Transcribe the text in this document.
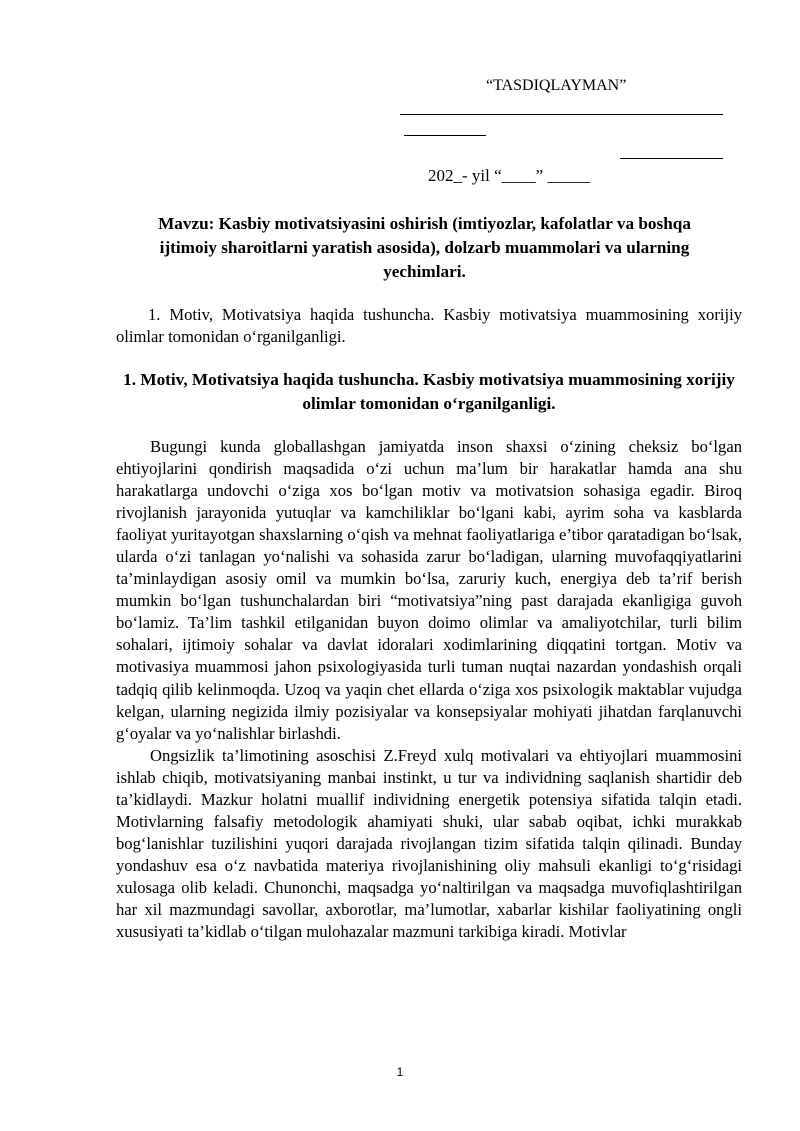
“TASDIQLAYMAN”
202_- yil “____” _____
Mavzu: Kasbiy motivatsiyasini oshirish (imtiyozlar, kafolatlar va boshqa ijtimoiy sharoitlarni yaratish asosida), dolzarb muammolari va ularning yechimlari.
1. Motiv, Motivatsiya haqida tushuncha. Kasbiy motivatsiya muammosining xorijiy olimlar tomonidan o‘rganilganligi.
1. Motiv, Motivatsiya haqida tushuncha. Kasbiy motivatsiya muammosining xorijiy olimlar tomonidan o‘rganilganligi.

Bugungi kunda globallashgan jamiyatda inson shaxsi o‘zining cheksiz bo‘lgan ehtiyojlarini qondirish maqsadida o‘zi uchun ma’lum bir harakatlar hamda ana shu harakatlarga undovchi o‘ziga xos bo‘lgan motiv va motivatsion sohasiga egadir. Biroq rivojlanish jarayonida yutuqlar va kamchiliklar bo‘lgani kabi, ayrim soha va kasblarda faoliyat yuritayotgan shaxslarning o‘qish va mehnat faoliyatlariga e’tibor qaratadigan bo‘lsak, ularda o‘zi tanlagan yo‘nalishi va sohasida zarur bo‘ladigan, ularning muvofaqqiyatlarini ta’minlaydigan asosiy omil va mumkin bo‘lsa, zaruriy kuch, energiya deb ta’rif berish mumkin bo‘lgan tushunchalardan biri “motivatsiya”ning past darajada ekanligiga guvoh bo‘lamiz. Ta’lim tashkil etilganidan buyon doimo olimlar va amaliyotchilar, turli bilim sohalari, ijtimoiy sohalar va davlat idoralari xodimlarining diqqatini tortgan. Motiv va motivasiya muammosi jahon psixologiyasida turli tuman nuqtai nazardan yondashish orqali tadqiq qilib kelinmoqda. Uzoq va yaqin chet ellarda o‘ziga xos psixologik maktablar vujudga kelgan, ularning negizida ilmiy pozisiyalar va konsepsiyalar mohiyati jihatdan farqlanuvchi g‘oyalar va yo‘nalishlar birlashdi.

Ongsizlik ta’limotining asoschisi Z.Freyd xulq motivalari va ehtiyojlari muammosini ishlab chiqib, motivatsiyaning manbai instinkt, u tur va individning saqlanish shartidir deb ta’kidlaydi. Mazkur holatni muallif individning energetik potensiya sifatida talqin etadi. Motivlarning falsafiy metodologik ahamiyati shuki, ular sabab oqibat, ichki murakkab bog‘lanishlar tuzilishini yuqori darajada rivojlangan tizim sifatida talqin qilinadi. Bunday yondashuv esa o‘z navbatida materiya rivojlanishining oliy mahsuli ekanligi to‘g‘risidagi xulosaga olib keladi. Chunonchi, maqsadga yo‘naltirilgan va maqsadga muvofiqlashtirilgan har xil mazmundagi savollar, axborotlar, ma’lumotlar, xabarlar kishilar faoliyatining ongli xususiyati ta’kidlab o‘tilgan mulohazalar mazmuni tarkibiga kiradi. Motivlar

1
